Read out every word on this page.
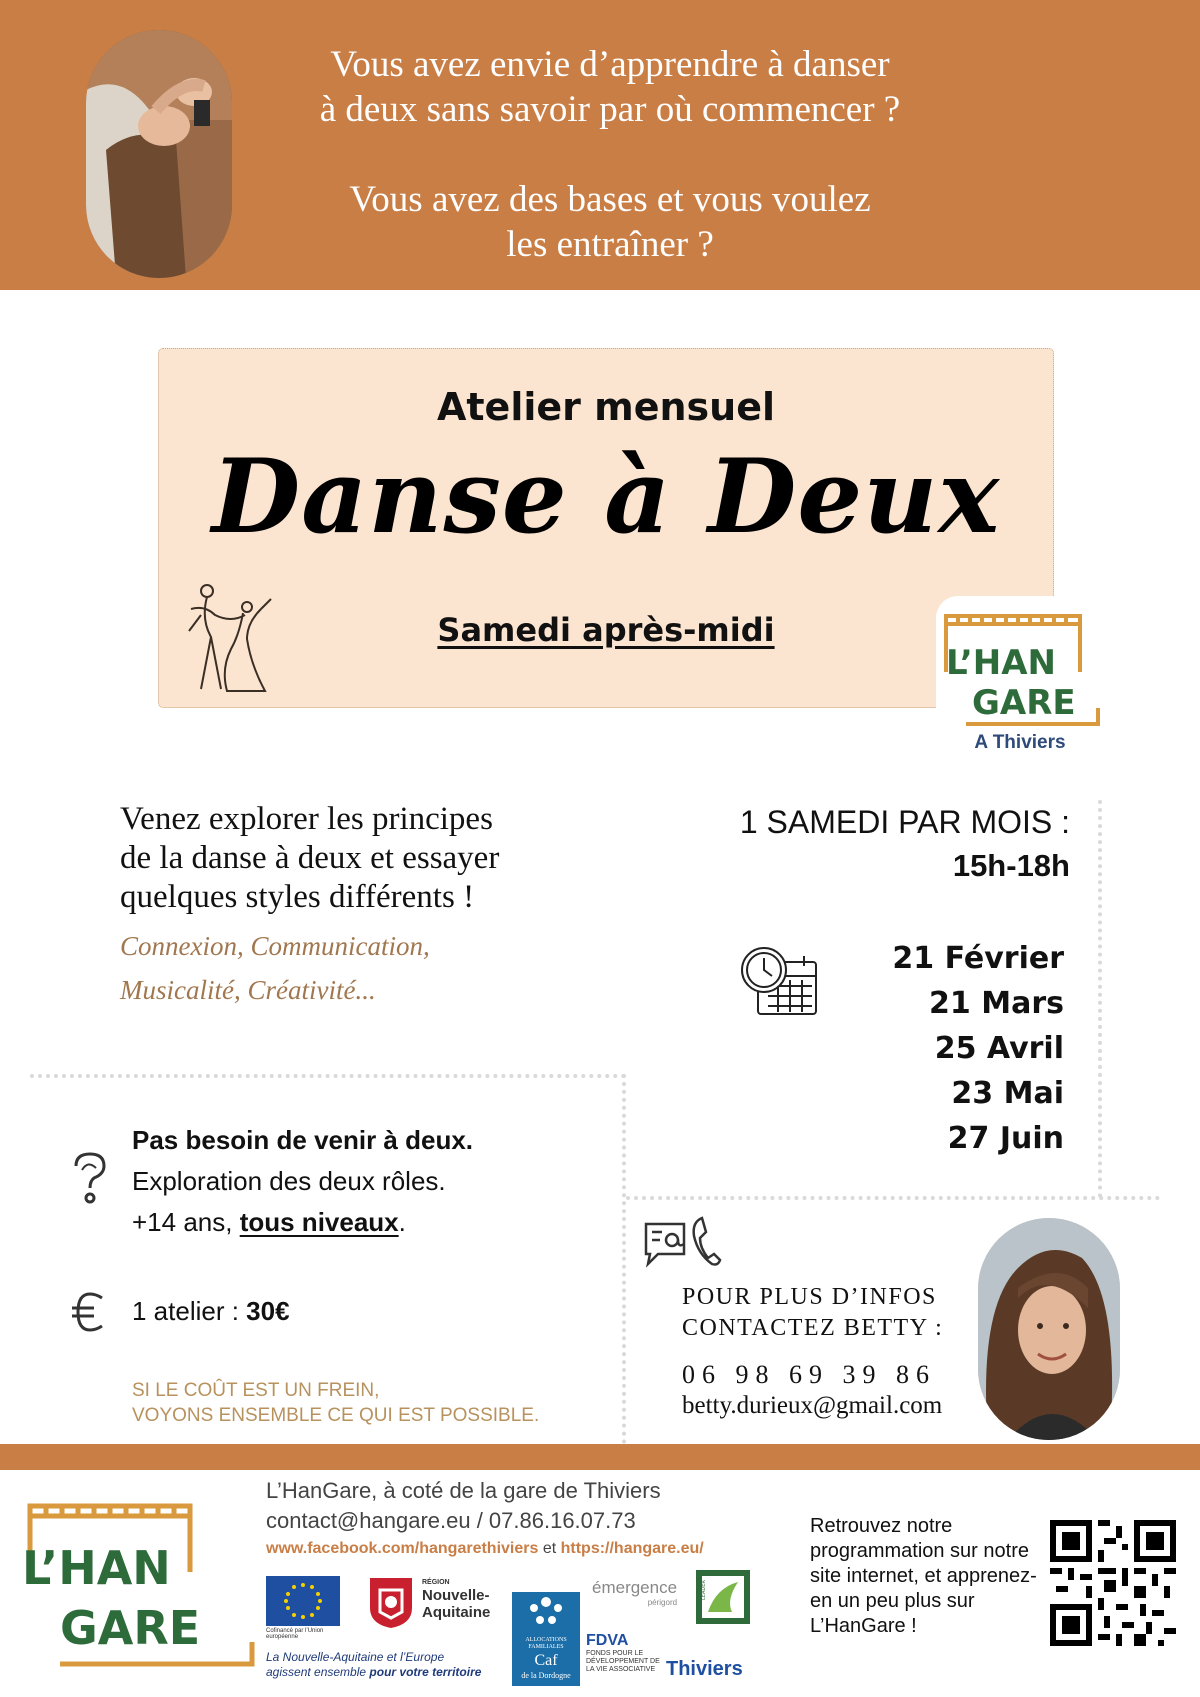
Vous avez envie d’apprendre à danser

à deux sans savoir par où commencer ?

Vous avez des bases et vous voulez

les entraîner ?

Atelier mensuel
Danse à Deux
Samedi après-midi
L’HAN
GARE
A Thiviers
Venez explorer les principes
de la danse à deux et essayer
quelques styles différents !
Connexion, Communication,
Musicalité, Créativité...
1 SAMEDI PAR MOIS :
15h-18h
21 Février
21 Mars
25 Avril
23 Mai
27 Juin
Pas besoin de venir à deux.
Exploration des deux rôles.
+14 ans, tous niveaux.
1 atelier : 30€
SI LE COÛT EST UN FREIN,
VOYONS ENSEMBLE CE QUI EST POSSIBLE.
POUR PLUS D’INFOS
CONTACTEZ BETTY :
06 98 69 39 86
betty.durieux@gmail.com
L’HAN
GARE
L’HanGare, à coté de la gare de Thiviers
contact@hangare.eu / 07.86.16.07.73
www.facebook.com/hangarethiviers et https://hangare.eu/
Cofinancé par l’Union européenne
RÉGION
Nouvelle-
Aquitaine
ALLOCATIONS FAMILIALES
Caf
de la Dordogne
émergence
périgord
FDVA
FONDS POUR LE DÉVELOPPEMENT DE LA VIE ASSOCIATIVE
LEADER
Thiviers
La Nouvelle-Aquitaine et l’Europe
agissent ensemble pour votre territoire
Retrouvez notre programmation sur notre site internet, et apprenez-en un peu plus sur L’HanGare !
